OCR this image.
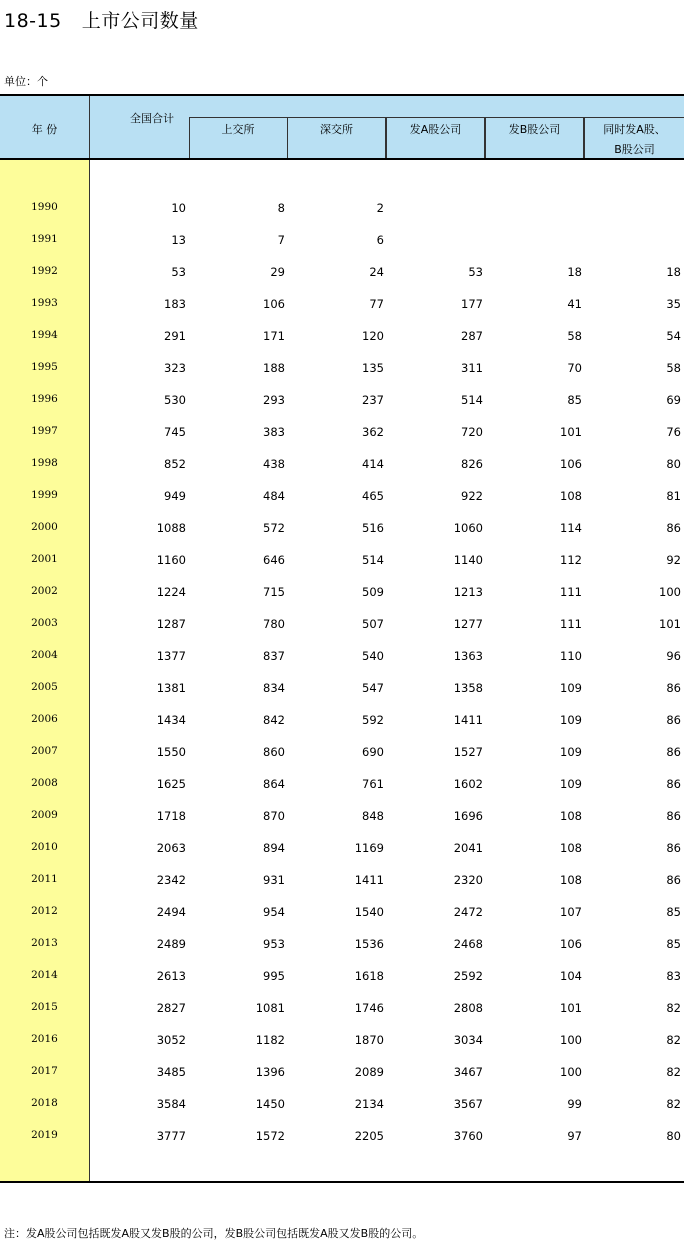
18-15 上市公司数量
单位：个
年 份
全国合计
上交所	深交所	发A股公司	发B股公司	同时发A股、
B股公司
1990	10	8	2
1991	13	7	6
1992	53	29	24	53	18	18
1993	183	106	77	177	41	35
1994	291	171	120	287	58	54
1995	323	188	135	311	70	58
1996	530	293	237	514	85	69
1997	745	383	362	720	101	76
1998	852	438	414	826	106	80
1999	949	484	465	922	108	81
2000	1088	572	516	1060	114	86
2001	1160	646	514	1140	112	92
2002	1224	715	509	1213	111	100
2003	1287	780	507	1277	111	101
2004	1377	837	540	1363	110	96
2005	1381	834	547	1358	109	86
2006	1434	842	592	1411	109	86
2007	1550	860	690	1527	109	86
2008	1625	864	761	1602	109	86
2009	1718	870	848	1696	108	86
2010	2063	894	1169	2041	108	86
2011	2342	931	1411	2320	108	86
2012	2494	954	1540	2472	107	85
2013	2489	953	1536	2468	106	85
2014	2613	995	1618	2592	104	83
2015	2827	1081	1746	2808	101	82
2016	3052	1182	1870	3034	100	82
2017	3485	1396	2089	3467	100	82
2018	3584	1450	2134	3567	99	82
2019	3777	1572	2205	3760	97	80
注：发A股公司包括既发A股又发B股的公司，发B股公司包括既发A股又发B股的公司。
